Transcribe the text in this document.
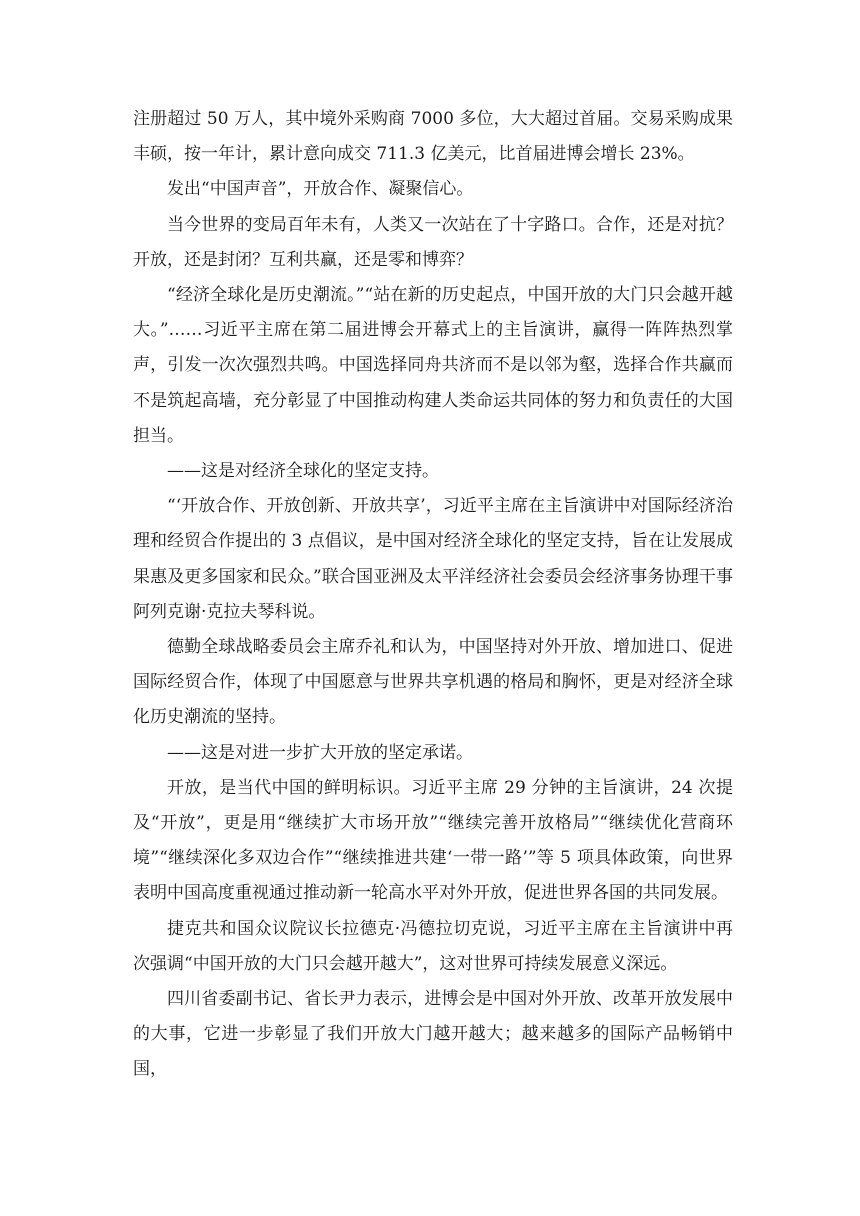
注册超过 50 万人，其中境外采购商 7000 多位，大大超过首届。交易采购成果丰硕，按一年计，累计意向成交 711.3 亿美元，比首届进博会增长 23%。

发出“中国声音”，开放合作、凝聚信心。

当今世界的变局百年未有，人类又一次站在了十字路口。合作，还是对抗？开放，还是封闭？互利共赢，还是零和博弈？

“经济全球化是历史潮流。”“站在新的历史起点，中国开放的大门只会越开越大。”……习近平主席在第二届进博会开幕式上的主旨演讲，赢得一阵阵热烈掌声，引发一次次强烈共鸣。中国选择同舟共济而不是以邻为壑，选择合作共赢而不是筑起高墙，充分彰显了中国推动构建人类命运共同体的努力和负责任的大国担当。

——这是对经济全球化的坚定支持。

“‘开放合作、开放创新、开放共享’，习近平主席在主旨演讲中对国际经济治理和经贸合作提出的 3 点倡议，是中国对经济全球化的坚定支持，旨在让发展成果惠及更多国家和民众。”联合国亚洲及太平洋经济社会委员会经济事务协理干事阿列克谢·克拉夫琴科说。

德勤全球战略委员会主席乔礼和认为，中国坚持对外开放、增加进口、促进国际经贸合作，体现了中国愿意与世界共享机遇的格局和胸怀，更是对经济全球化历史潮流的坚持。

——这是对进一步扩大开放的坚定承诺。

开放，是当代中国的鲜明标识。习近平主席 29 分钟的主旨演讲，24 次提及“开放”，更是用“继续扩大市场开放”“继续完善开放格局”“继续优化营商环境”“继续深化多双边合作”“继续推进共建‘一带一路’”等 5 项具体政策，向世界表明中国高度重视通过推动新一轮高水平对外开放，促进世界各国的共同发展。

捷克共和国众议院议长拉德克·冯德拉切克说，习近平主席在主旨演讲中再次强调“中国开放的大门只会越开越大”，这对世界可持续发展意义深远。

四川省委副书记、省长尹力表示，进博会是中国对外开放、改革开放发展中的大事，它进一步彰显了我们开放大门越开越大；越来越多的国际产品畅销中国，
